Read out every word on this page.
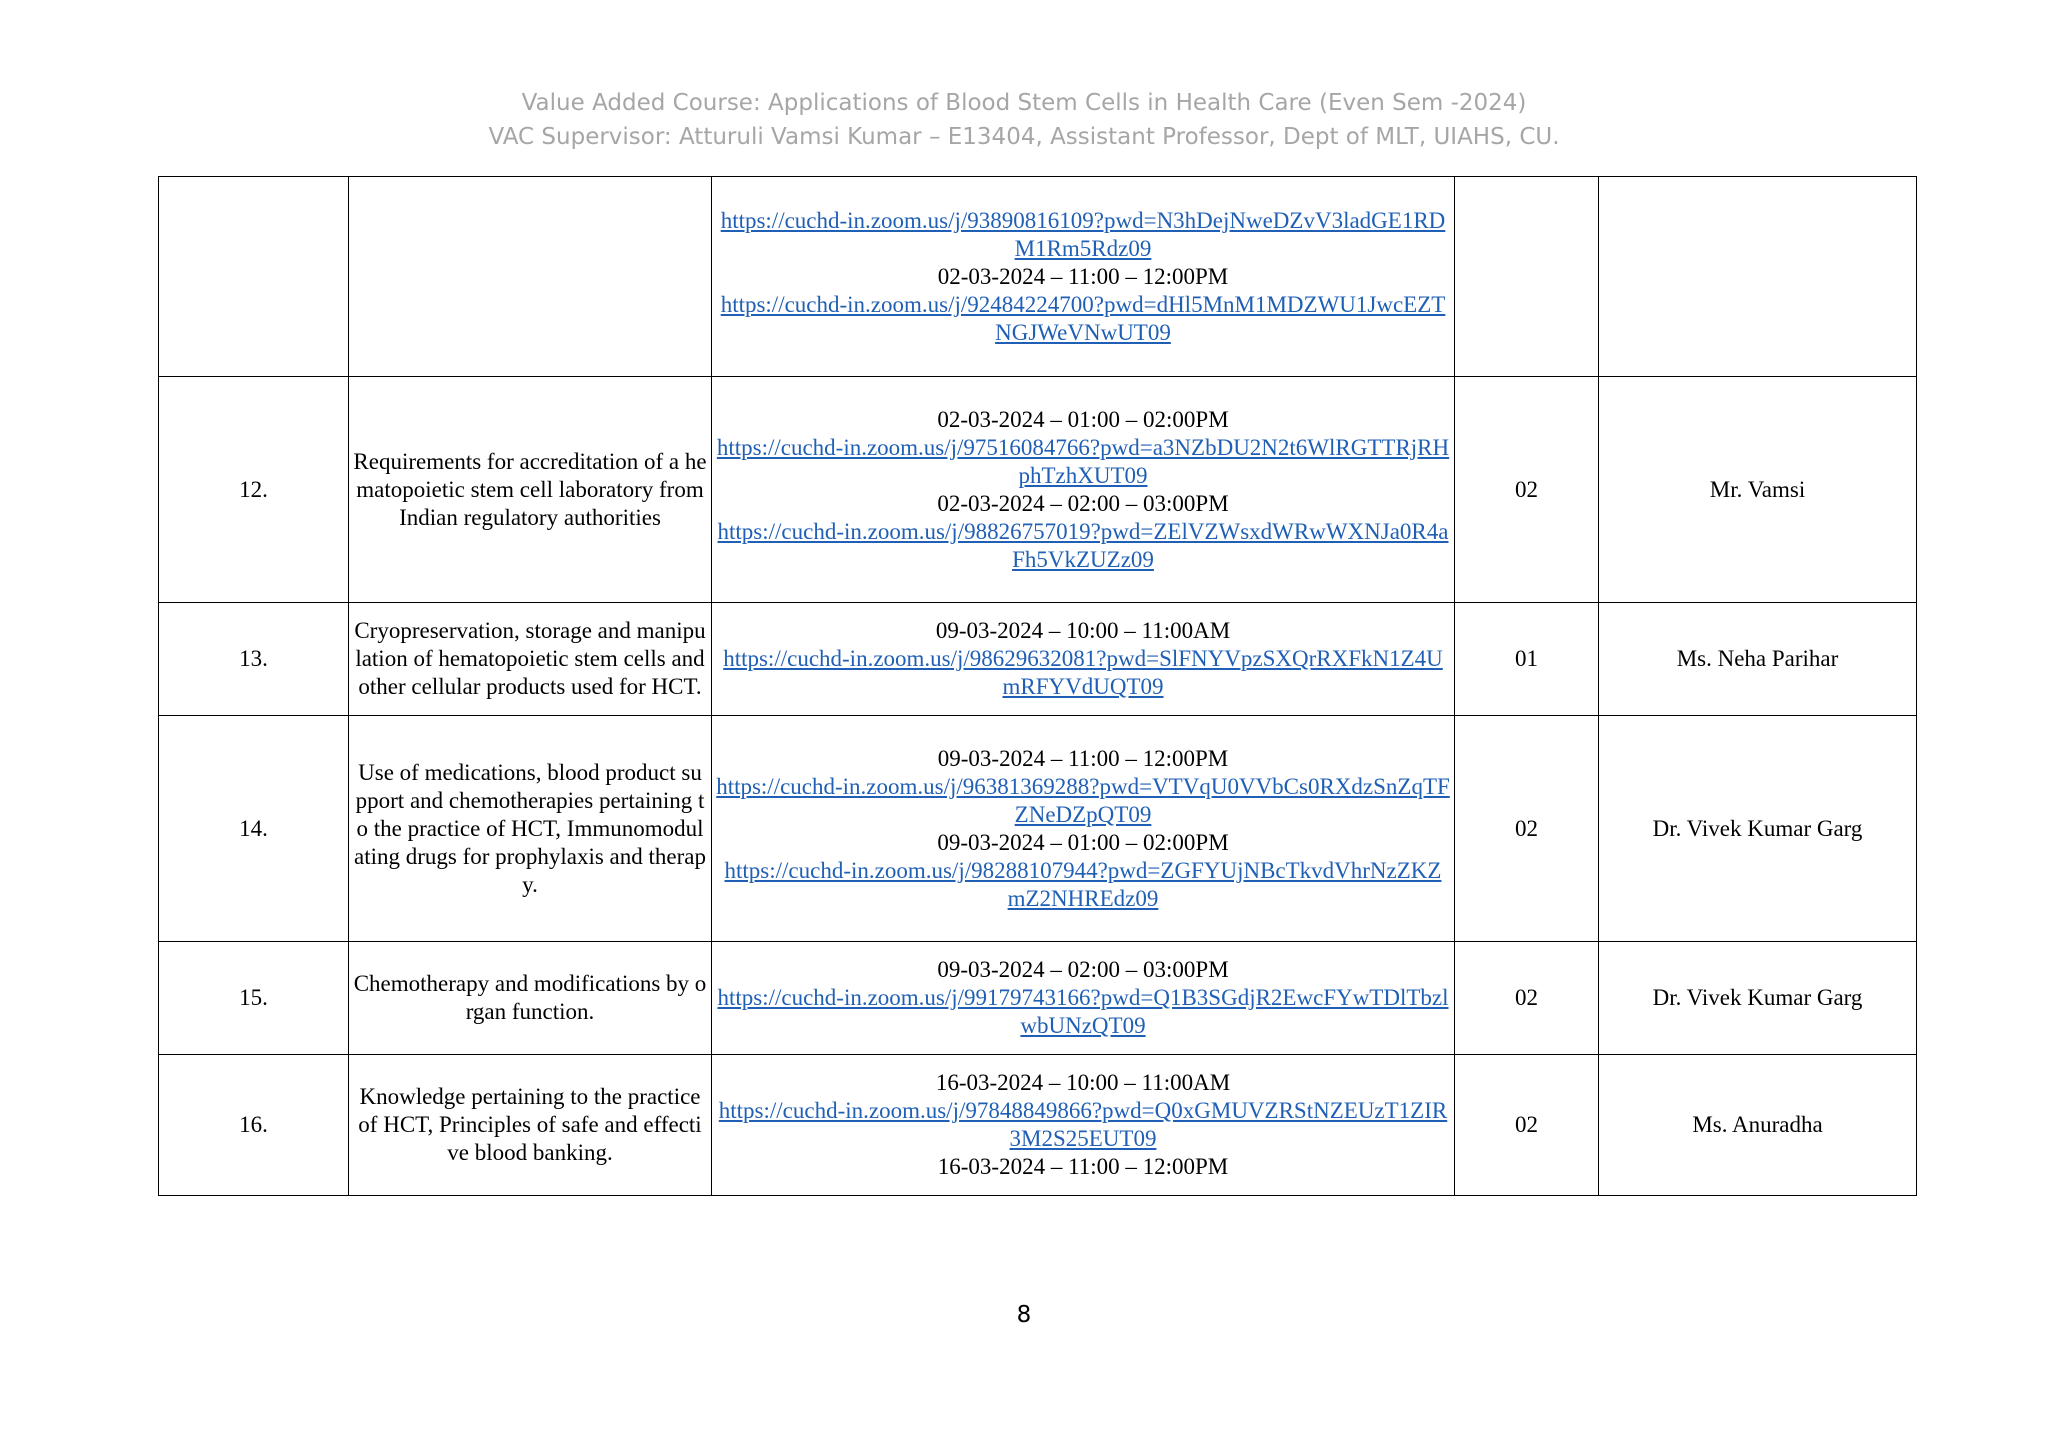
Value Added Course: Applications of Blood Stem Cells in Health Care (Even Sem -2024)
VAC Supervisor: Atturuli Vamsi Kumar – E13404, Assistant Professor, Dept of MLT, UIAHS, CU.

		https://cuchd-in.zoom.us/j/93890816109?pwd=N3hDejNweDZvV3ladGE1RDM1Rm5Rdz09
02-03-2024 – 11:00 – 12:00PM
https://cuchd-in.zoom.us/j/92484224700?pwd=dHl5MnM1MDZWU1JwcEZTNGJWeVNwUT09		

12.	Requirements for accreditation of a hematopoietic stem cell laboratory from Indian regulatory authorities	02-03-2024 – 01:00 – 02:00PM
https://cuchd-in.zoom.us/j/97516084766?pwd=a3NZbDU2N2t6WlRGTTRjRHphTzhXUT09
02-03-2024 – 02:00 – 03:00PM
https://cuchd-in.zoom.us/j/98826757019?pwd=ZElVZWsxdWRwWXNJa0R4aFh5VkZUZz09	02	Mr. Vamsi
13.	Cryopreservation, storage and manipulation of hematopoietic stem cells and other cellular products used for HCT.	09-03-2024 – 10:00 – 11:00AM
https://cuchd-in.zoom.us/j/98629632081?pwd=SlFNYVpzSXQrRXFkN1Z4UmRFYVdUQT09	01	Ms. Neha Parihar
14.	Use of medications, blood product support and chemotherapies pertaining to the practice of HCT, Immunomodulating drugs for prophylaxis and therapy.	09-03-2024 – 11:00 – 12:00PM
https://cuchd-in.zoom.us/j/96381369288?pwd=VTVqU0VVbCs0RXdzSnZqTFZNeDZpQT09
09-03-2024 – 01:00 – 02:00PM
https://cuchd-in.zoom.us/j/98288107944?pwd=ZGFYUjNBcTkvdVhrNzZKZmZ2NHREdz09	02	Dr. Vivek Kumar Garg
15.	Chemotherapy and modifications by organ function.	09-03-2024 – 02:00 – 03:00PM
https://cuchd-in.zoom.us/j/99179743166?pwd=Q1B3SGdjR2EwcFYwTDlTbzlwbUNzQT09	02	Dr. Vivek Kumar Garg
16.	Knowledge pertaining to the practice of HCT, Principles of safe and effective blood banking.	16-03-2024 – 10:00 – 11:00AM
https://cuchd-in.zoom.us/j/97848849866?pwd=Q0xGMUVZRStNZEUzT1ZIR3M2S25EUT09
16-03-2024 – 11:00 – 12:00PM	02	Ms. Anuradha
8
